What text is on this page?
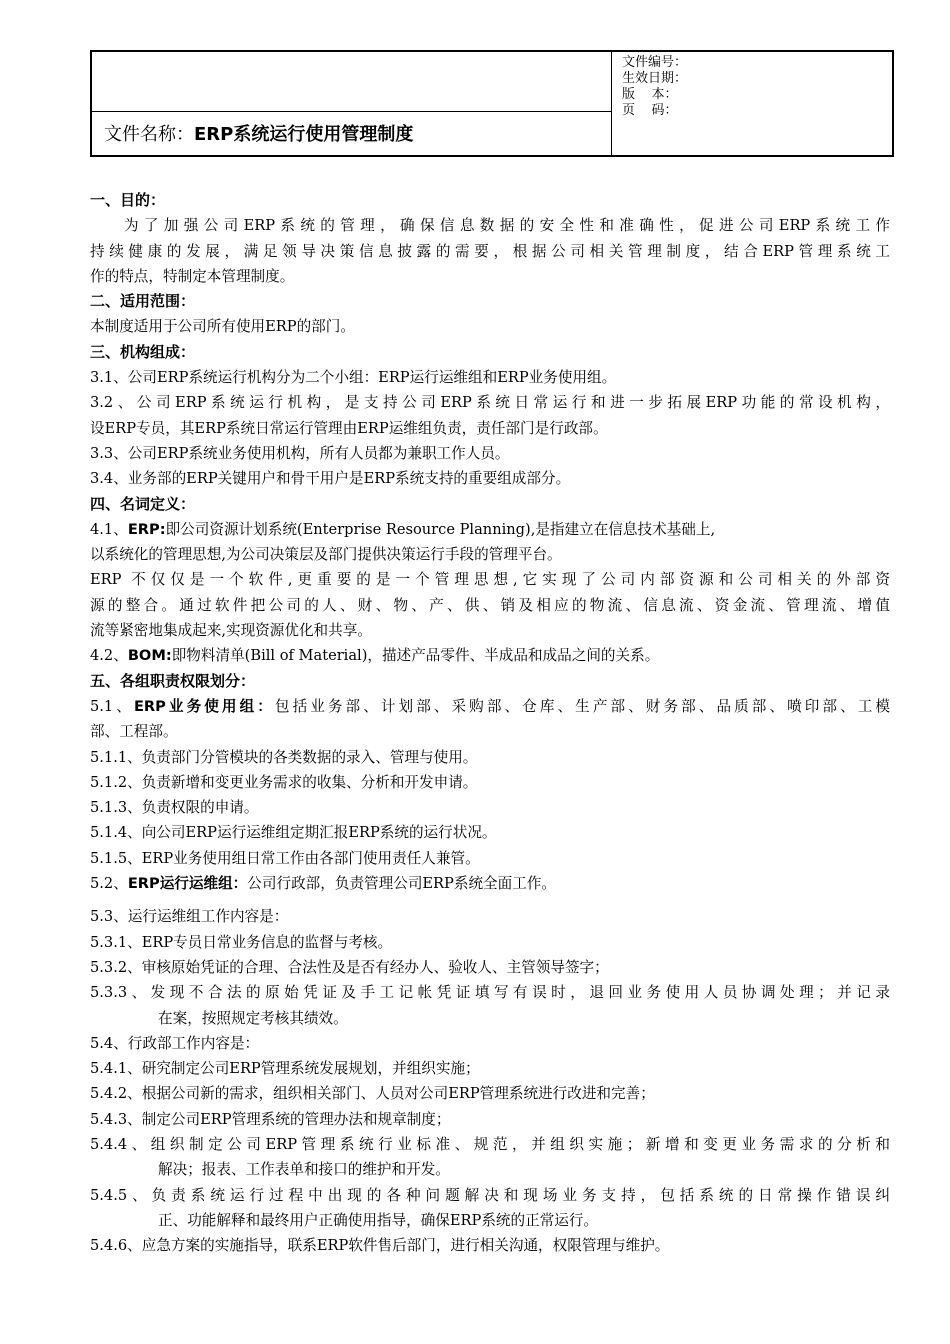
文件名称： ERP系统运行使用管理制度
文件编号：
生效日期：
版    本：
页    码：
一、目的：
为了加强公司ERP系统的管理，确保信息数据的安全性和准确性，促进公司ERP系统工作
持续健康的发展，满足领导决策信息披露的需要，根据公司相关管理制度，结合ERP管理系统工
作的特点，特制定本管理制度。
二、适用范围：
本制度适用于公司所有使用ERP的部门。
三、机构组成：
3.1、公司ERP系统运行机构分为二个小组：ERP运行运维组和ERP业务使用组。
3.2、公司ERP系统运行机构，是支持公司ERP系统日常运行和进一步拓展ERP功能的常设机构，
设ERP专员，其ERP系统日常运行管理由ERP运维组负责，责任部门是行政部。
3.3、公司ERP系统业务使用机构，所有人员都为兼职工作人员。
3.4、业务部的ERP关键用户和骨干用户是ERP系统支持的重要组成部分。
四、名词定义：
4.1、ERP:即公司资源计划系统(Enterprise Resource Planning),是指建立在信息技术基础上,
以系统化的管理思想,为公司决策层及部门提供决策运行手段的管理平台。
ERP 不仅仅是一个软件,更重要的是一个管理思想,它实现了公司内部资源和公司相关的外部资
源的整合。通过软件把公司的人、财、物、产、供、销及相应的物流、信息流、资金流、管理流、增值
流等紧密地集成起来,实现资源优化和共享。
4.2、BOM:即物料清单(Bill of Material)，描述产品零件、半成品和成品之间的关系。
五、各组职责权限划分：
5.1、ERP业务使用组：包括业务部、计划部、采购部、仓库、生产部、财务部、品质部、喷印部、工模
部、工程部。
5.1.1、负责部门分管模块的各类数据的录入、管理与使用。
5.1.2、负责新增和变更业务需求的收集、分析和开发申请。
5.1.3、负责权限的申请。
5.1.4、向公司ERP运行运维组定期汇报ERP系统的运行状况。
5.1.5、ERP业务使用组日常工作由各部门使用责任人兼管。
5.2、ERP运行运维组：公司行政部，负责管理公司ERP系统全面工作。
5.3、运行运维组工作内容是：
5.3.1、ERP专员日常业务信息的监督与考核。
5.3.2、审核原始凭证的合理、合法性及是否有经办人、验收人、主管领导签字；
5.3.3、发现不合法的原始凭证及手工记帐凭证填写有误时，退回业务使用人员协调处理；并记录
在案，按照规定考核其绩效。
5.4、行政部工作内容是：
5.4.1、研究制定公司ERP管理系统发展规划，并组织实施；
5.4.2、根据公司新的需求，组织相关部门、人员对公司ERP管理系统进行改进和完善；
5.4.3、制定公司ERP管理系统的管理办法和规章制度；
5.4.4、组织制定公司ERP管理系统行业标准、规范，并组织实施；新增和变更业务需求的分析和
解决；报表、工作表单和接口的维护和开发。
5.4.5、负责系统运行过程中出现的各种问题解决和现场业务支持，包括系统的日常操作错误纠
正、功能解释和最终用户正确使用指导，确保ERP系统的正常运行。
5.4.6、应急方案的实施指导，联系ERP软件售后部门，进行相关沟通，权限管理与维护。
